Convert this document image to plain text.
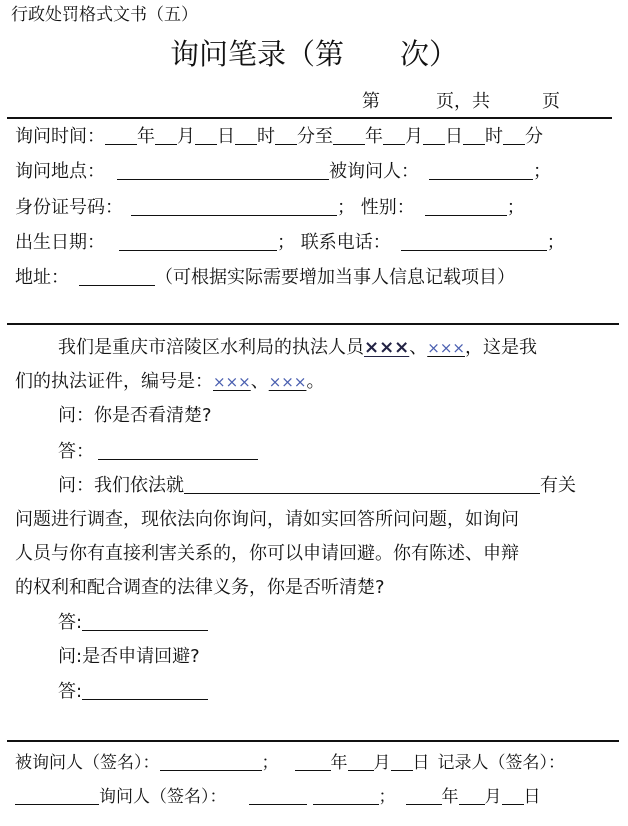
行政处罚格式文书（五）
询问笔录（第 次）
第	页，共	页
询问时间： 年 月 日 时 分至 年 月 日 时 分
询问地点：	被询问人：	；
身份证号码：	； 性别：	；
出生日期：	； 联系电话：	；
地址：	（可根据实际需要增加当事人信息记载项目）
我们是重庆市涪陵区水利局的执法人员×××、×××，这是我
们的执法证件，编号是：×××、×××。
问：你是否看清楚?
答：
问：我们依法就	有关
问题进行调查，现依法向你询问，请如实回答所问问题，如询问
人员与你有直接利害关系的，你可以申请回避。你有陈述、申辩
的权利和配合调查的法律义务，你是否听清楚?
答:
问:是否申请回避?
答:
被询问人（签名）：	；	年 月 日 记录人（签名）：
询问人（签名）：	；	年 月 日
